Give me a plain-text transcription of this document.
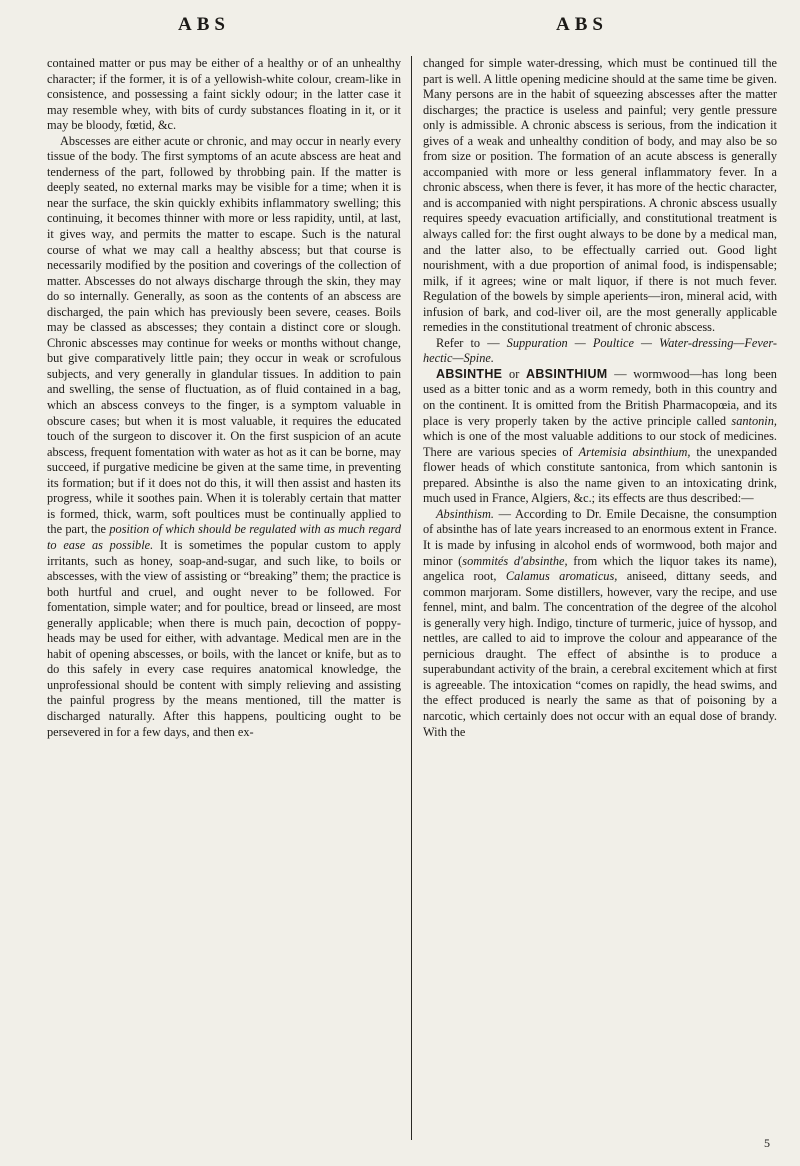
ABS	ABS

contained matter or pus may be either of a healthy or of an unhealthy character; if the former, it is of a yellowish-white colour, cream-like in consistence, and possessing a faint sickly odour; in the latter case it may resemble whey, with bits of curdy substances floating in it, or it may be bloody, fœtid, &c.

Abscesses are either acute or chronic, and may occur in nearly every tissue of the body. The first symptoms of an acute abscess are heat and tenderness of the part, followed by throbbing pain. If the matter is deeply seated, no external marks may be visible for a time; when it is near the surface, the skin quickly exhibits inflammatory swelling; this continuing, it becomes thinner with more or less rapidity, until, at last, it gives way, and permits the matter to escape. Such is the natural course of what we may call a healthy abscess; but that course is necessarily modified by the position and coverings of the collection of matter. Abscesses do not always discharge through the skin, they may do so internally. Generally, as soon as the contents of an abscess are discharged, the pain which has previously been severe, ceases. Boils may be classed as abscesses; they contain a distinct core or slough. Chronic abscesses may continue for weeks or months without change, but give comparatively little pain; they occur in weak or scrofulous subjects, and very generally in glandular tissues. In addition to pain and swelling, the sense of fluctuation, as of fluid contained in a bag, which an abscess conveys to the finger, is a symptom valuable in obscure cases; but when it is most valuable, it requires the educated touch of the surgeon to discover it. On the first suspicion of an acute abscess, frequent fomentation with water as hot as it can be borne, may succeed, if purgative medicine be given at the same time, in preventing its formation; but if it does not do this, it will then assist and hasten its progress, while it soothes pain. When it is tolerably certain that matter is formed, thick, warm, soft poultices must be continually applied to the part, the position of which should be regulated with as much regard to ease as possible. It is sometimes the popular custom to apply irritants, such as honey, soap-and-sugar, and such like, to boils or abscesses, with the view of assisting or “breaking” them; the practice is both hurtful and cruel, and ought never to be followed. For fomentation, simple water; and for poultice, bread or linseed, are most generally applicable; when there is much pain, decoction of poppy-heads may be used for either, with advantage. Medical men are in the habit of opening abscesses, or boils, with the lancet or knife, but as to do this safely in every case requires anatomical knowledge, the unprofessional should be content with simply relieving and assisting the painful progress by the means mentioned, till the matter is discharged naturally. After this happens, poulticing ought to be persevered in for a few days, and then ex-

changed for simple water-dressing, which must be continued till the part is well. A little opening medicine should at the same time be given. Many persons are in the habit of squeezing abscesses after the matter discharges; the practice is useless and painful; very gentle pressure only is admissible. A chronic abscess is serious, from the indication it gives of a weak and unhealthy condition of body, and may also be so from size or position. The formation of an acute abscess is generally accompanied with more or less general inflammatory fever. In a chronic abscess, when there is fever, it has more of the hectic character, and is accompanied with night perspirations. A chronic abscess usually requires speedy evacuation artificially, and constitutional treatment is always called for: the first ought always to be done by a medical man, and the latter also, to be effectually carried out. Good light nourishment, with a due proportion of animal food, is indispensable; milk, if it agrees; wine or malt liquor, if there is not much fever. Regulation of the bowels by simple aperients—iron, mineral acid, with infusion of bark, and cod-liver oil, are the most generally applicable remedies in the constitutional treatment of chronic abscess.

Refer to — Suppuration — Poultice — Water-dressing—Fever-hectic—Spine.

ABSINTHE or ABSINTHIUM — wormwood—has long been used as a bitter tonic and as a worm remedy, both in this country and on the continent. It is omitted from the British Pharmacopœia, and its place is very properly taken by the active principle called santonin, which is one of the most valuable additions to our stock of medicines. There are various species of Artemisia absinthium, the unexpanded flower heads of which constitute santonica, from which santonin is prepared. Absinthe is also the name given to an intoxicating drink, much used in France, Algiers, &c.; its effects are thus described:—

Absinthism. — According to Dr. Emile Decaisne, the consumption of absinthe has of late years increased to an enormous extent in France. It is made by infusing in alcohol ends of wormwood, both major and minor (sommités d'absinthe, from which the liquor takes its name), angelica root, Calamus aromaticus, aniseed, dittany seeds, and common marjoram. Some distillers, however, vary the recipe, and use fennel, mint, and balm. The concentration of the degree of the alcohol is generally very high. Indigo, tincture of turmeric, juice of hyssop, and nettles, are called to aid to improve the colour and appearance of the pernicious draught. The effect of absinthe is to produce a superabundant activity of the brain, a cerebral excitement which at first is agreeable. The intoxication “comes on rapidly, the head swims, and the effect produced is nearly the same as that of poisoning by a narcotic, which certainly does not occur with an equal dose of brandy. With the

5
